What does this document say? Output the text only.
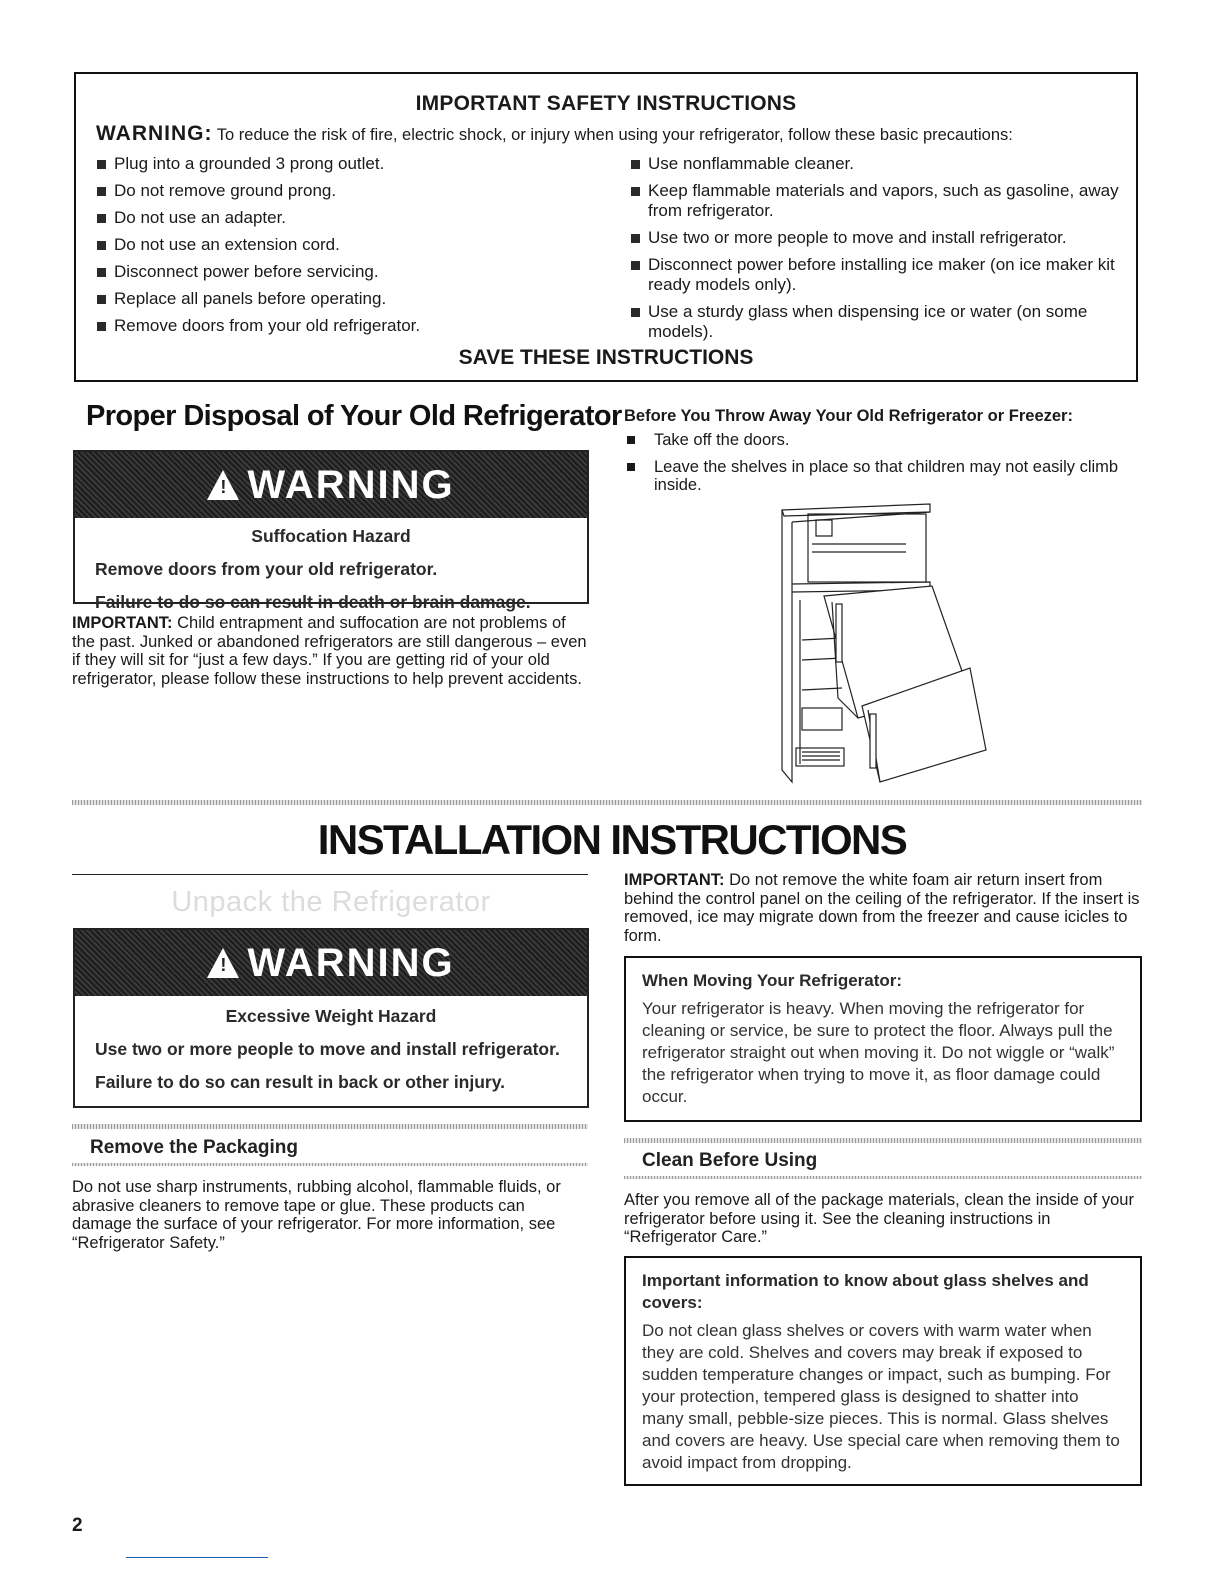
IMPORTANT SAFETY INSTRUCTIONS
WARNING: To reduce the risk of fire, electric shock, or injury when using your refrigerator, follow these basic precautions:
Plug into a grounded 3 prong outlet.
Do not remove ground prong.
Do not use an adapter.
Do not use an extension cord.
Disconnect power before servicing.
Replace all panels before operating.
Remove doors from your old refrigerator.
Use nonflammable cleaner.
Keep flammable materials and vapors, such as gasoline, away from refrigerator.
Use two or more people to move and install refrigerator.
Disconnect power before installing ice maker (on ice maker kit ready models only).
Use a sturdy glass when dispensing ice or water (on some models).
SAVE THESE INSTRUCTIONS
Proper Disposal of Your Old Refrigerator
! WARNING
Suffocation Hazard

Remove doors from your old refrigerator.

Failure to do so can result in death or brain damage.

IMPORTANT: Child entrapment and suffocation are not problems of the past. Junked or abandoned refrigerators are still dangerous – even if they will sit for “just a few days.” If you are getting rid of your old refrigerator, please follow these instructions to help prevent accidents.
Before You Throw Away Your Old Refrigerator or Freezer:
Take off the doors.
Leave the shelves in place so that children may not easily climb inside.
INSTALLATION INSTRUCTIONS
Unpack the Refrigerator
! WARNING
Excessive Weight Hazard

Use two or more people to move and install refrigerator.

Failure to do so can result in back or other injury.

Remove the Packaging
Do not use sharp instruments, rubbing alcohol, flammable fluids, or abrasive cleaners to remove tape or glue. These products can damage the surface of your refrigerator. For more information, see “Refrigerator Safety.”
IMPORTANT: Do not remove the white foam air return insert from behind the control panel on the ceiling of the refrigerator. If the insert is removed, ice may migrate down from the freezer and cause icicles to form.
When Moving Your Refrigerator:
Your refrigerator is heavy. When moving the refrigerator for cleaning or service, be sure to protect the floor. Always pull the refrigerator straight out when moving it. Do not wiggle or “walk” the refrigerator when trying to move it, as floor damage could occur.
Clean Before Using
After you remove all of the package materials, clean the inside of your refrigerator before using it. See the cleaning instructions in “Refrigerator Care.”
Important information to know about glass shelves and covers:
Do not clean glass shelves or covers with warm water when they are cold. Shelves and covers may break if exposed to sudden temperature changes or impact, such as bumping. For your protection, tempered glass is designed to shatter into many small, pebble-size pieces. This is normal. Glass shelves and covers are heavy. Use special care when removing them to avoid impact from dropping.
2
